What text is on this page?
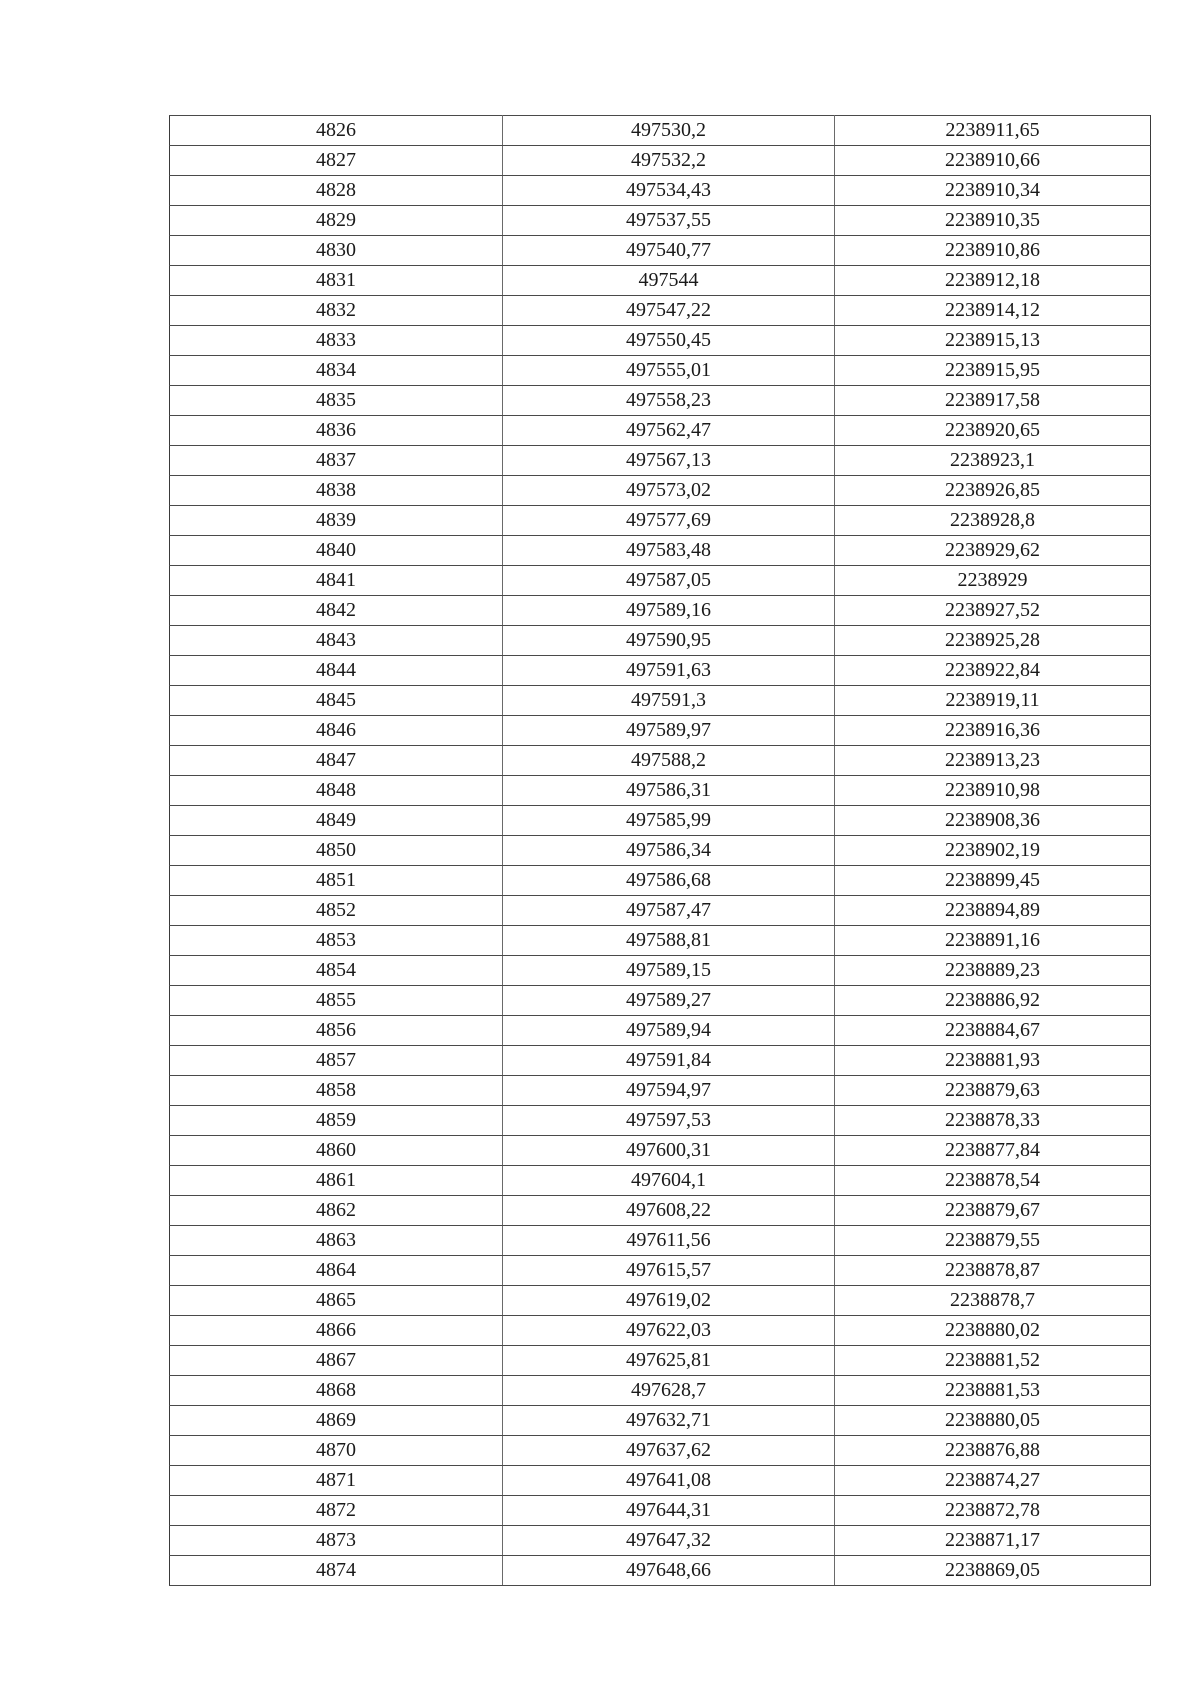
4826	497530,2	2238911,65
4827	497532,2	2238910,66
4828	497534,43	2238910,34
4829	497537,55	2238910,35
4830	497540,77	2238910,86
4831	497544	2238912,18
4832	497547,22	2238914,12
4833	497550,45	2238915,13
4834	497555,01	2238915,95
4835	497558,23	2238917,58
4836	497562,47	2238920,65
4837	497567,13	2238923,1
4838	497573,02	2238926,85
4839	497577,69	2238928,8
4840	497583,48	2238929,62
4841	497587,05	2238929
4842	497589,16	2238927,52
4843	497590,95	2238925,28
4844	497591,63	2238922,84
4845	497591,3	2238919,11
4846	497589,97	2238916,36
4847	497588,2	2238913,23
4848	497586,31	2238910,98
4849	497585,99	2238908,36
4850	497586,34	2238902,19
4851	497586,68	2238899,45
4852	497587,47	2238894,89
4853	497588,81	2238891,16
4854	497589,15	2238889,23
4855	497589,27	2238886,92
4856	497589,94	2238884,67
4857	497591,84	2238881,93
4858	497594,97	2238879,63
4859	497597,53	2238878,33
4860	497600,31	2238877,84
4861	497604,1	2238878,54
4862	497608,22	2238879,67
4863	497611,56	2238879,55
4864	497615,57	2238878,87
4865	497619,02	2238878,7
4866	497622,03	2238880,02
4867	497625,81	2238881,52
4868	497628,7	2238881,53
4869	497632,71	2238880,05
4870	497637,62	2238876,88
4871	497641,08	2238874,27
4872	497644,31	2238872,78
4873	497647,32	2238871,17
4874	497648,66	2238869,05
